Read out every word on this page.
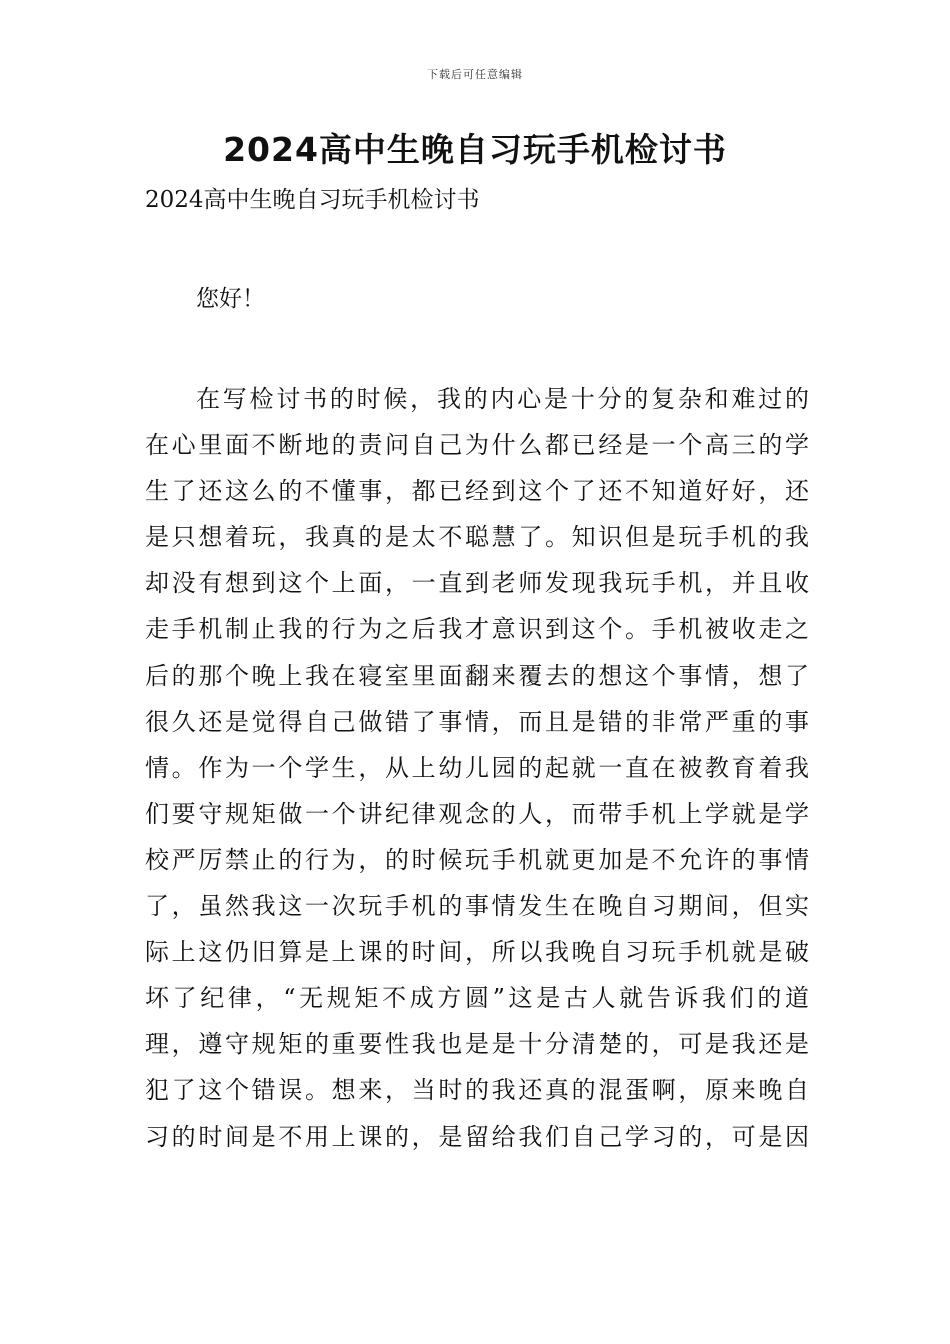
下载后可任意编辑
2024高中生晚自习玩手机检讨书
2024高中生晚自习玩手机检讨书
您好！
在写检讨书的时候，我的内心是十分的复杂和难过的
在心里面不断地的责问自己为什么都已经是一个高三的学
生了还这么的不懂事，都已经到这个了还不知道好好，还
是只想着玩，我真的是太不聪慧了。知识但是玩手机的我
却没有想到这个上面，一直到老师发现我玩手机，并且收
走手机制止我的行为之后我才意识到这个。手机被收走之
后的那个晚上我在寝室里面翻来覆去的想这个事情，想了
很久还是觉得自己做错了事情，而且是错的非常严重的事
情。作为一个学生，从上幼儿园的起就一直在被教育着我
们要守规矩做一个讲纪律观念的人，而带手机上学就是学
校严厉禁止的行为，的时候玩手机就更加是不允许的事情
了，虽然我这一次玩手机的事情发生在晚自习期间，但实
际上这仍旧算是上课的时间，所以我晚自习玩手机就是破
坏了纪律，“无规矩不成方圆”这是古人就告诉我们的道
理，遵守规矩的重要性我也是是十分清楚的，可是我还是
犯了这个错误。想来，当时的我还真的混蛋啊，原来晚自
习的时间是不用上课的，是留给我们自己学习的，可是因
